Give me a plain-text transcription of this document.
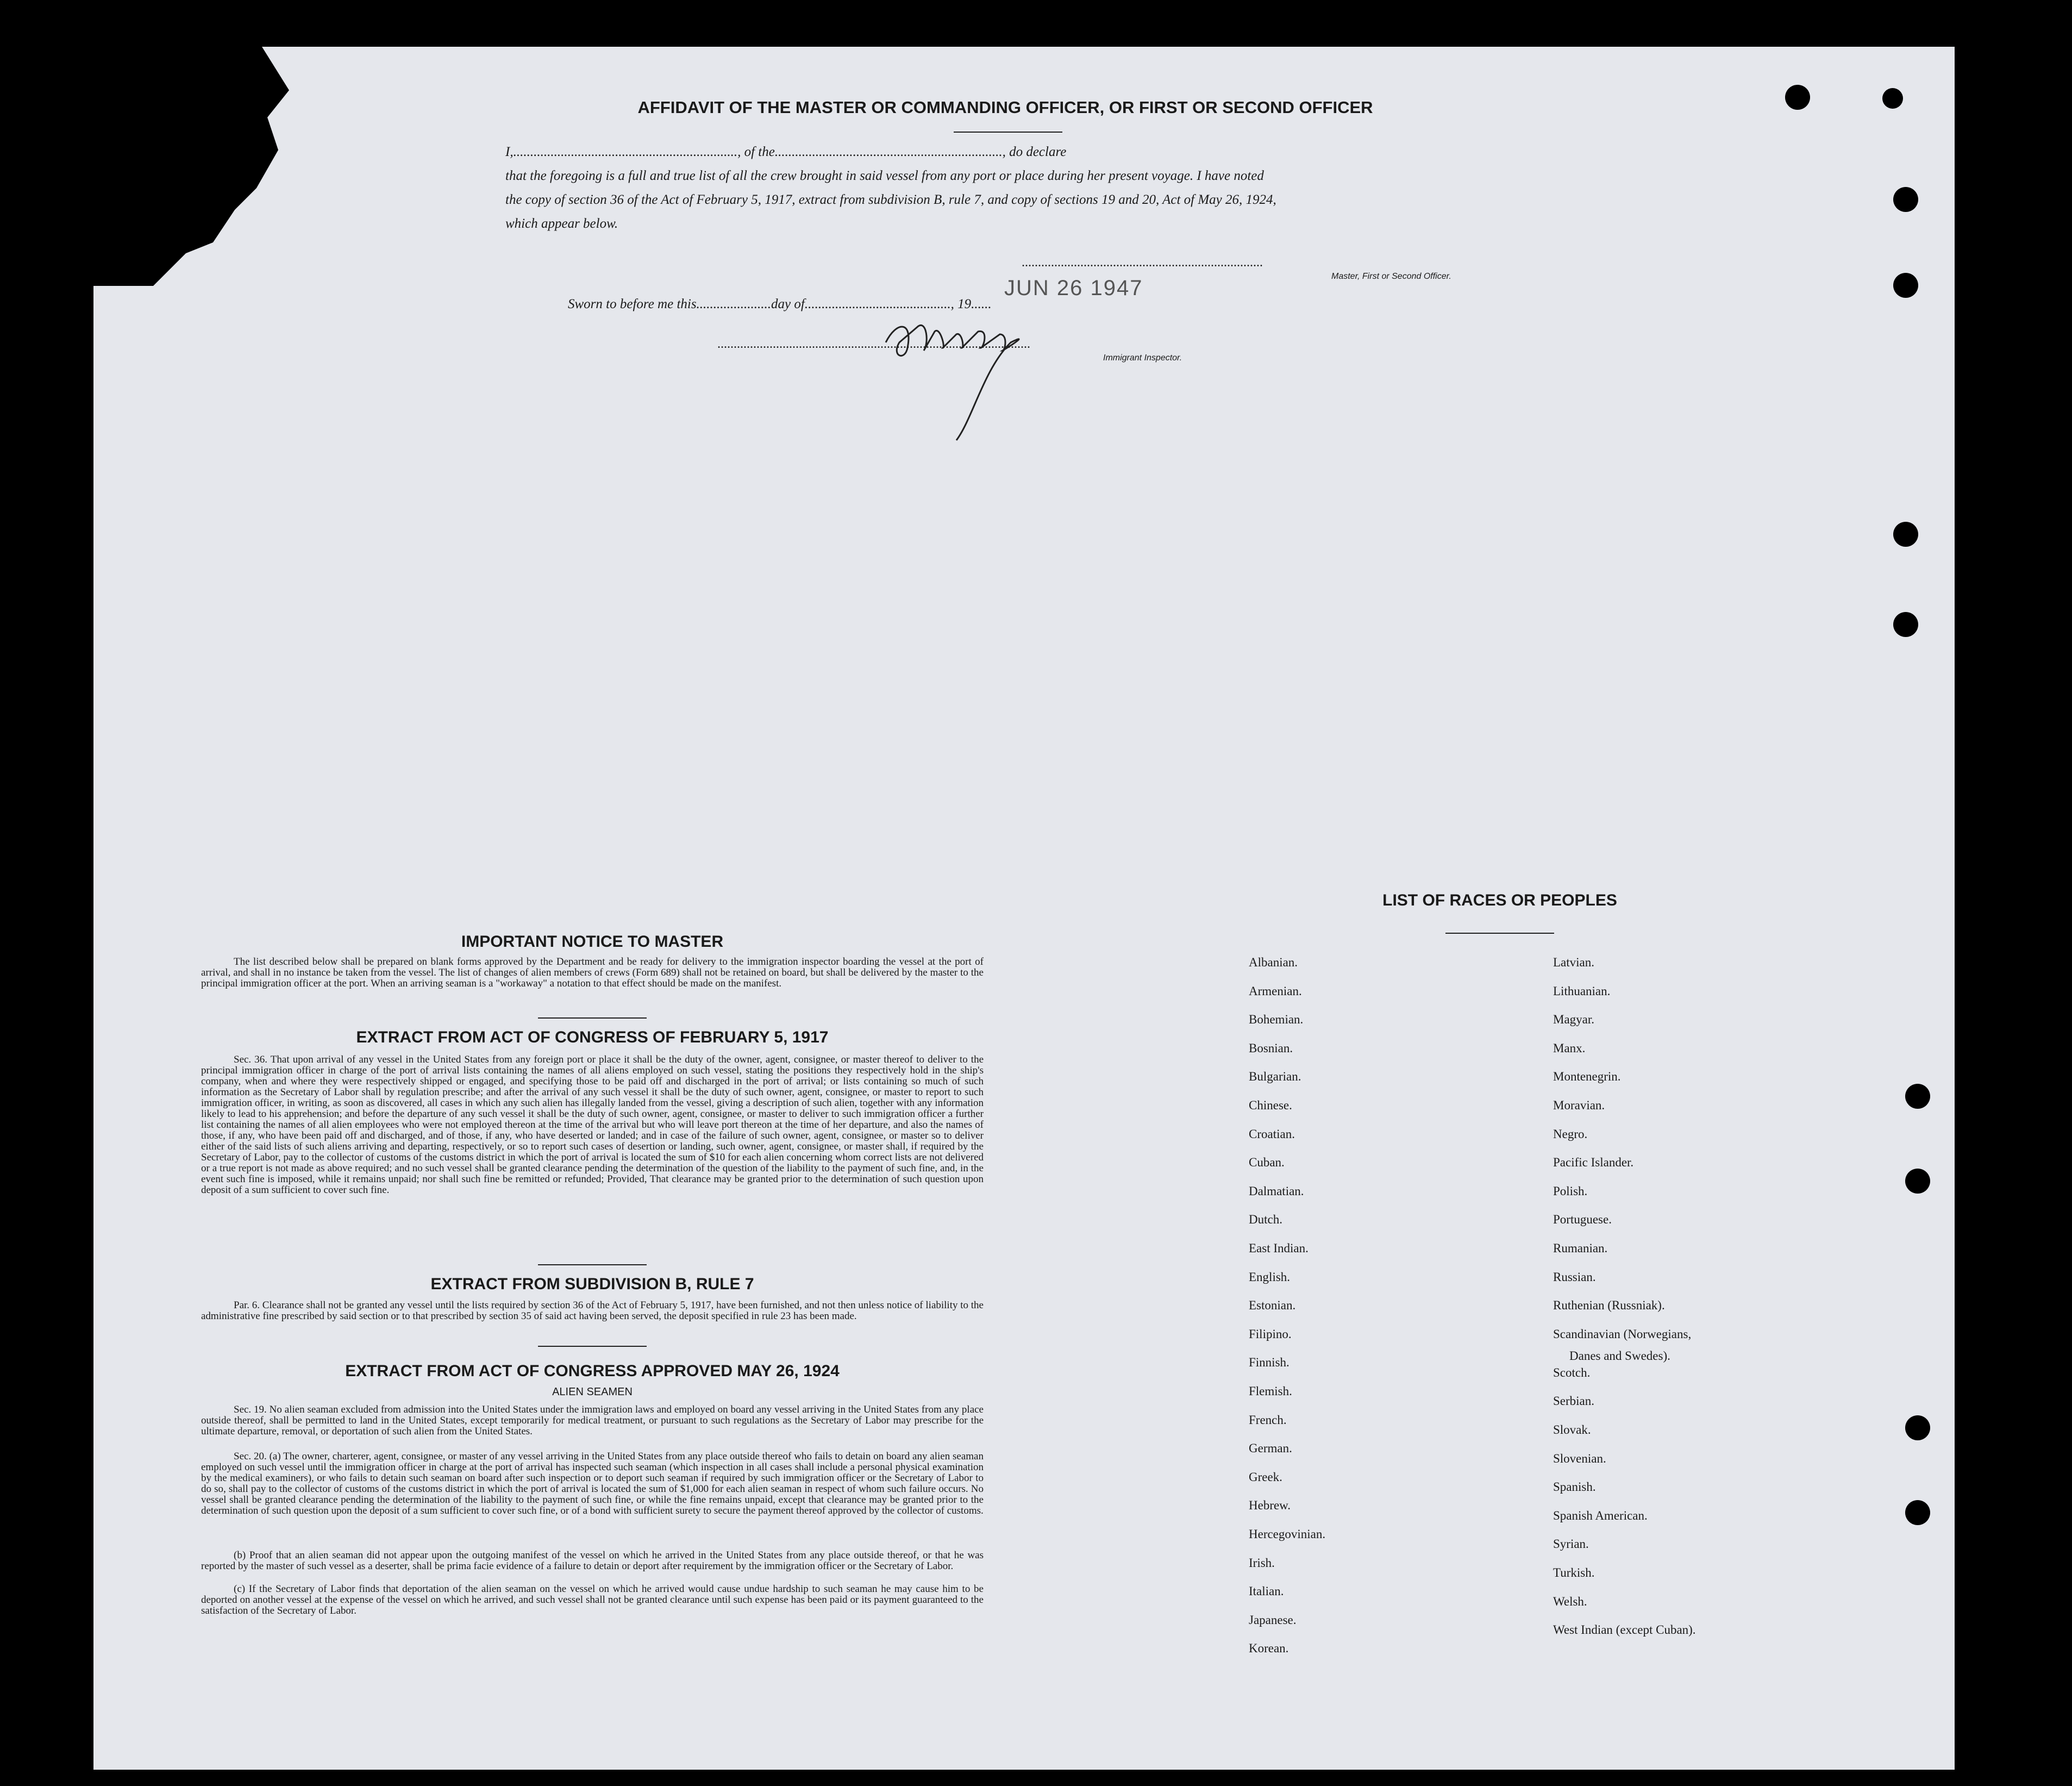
AFFIDAVIT OF THE MASTER OR COMMANDING OFFICER, OR FIRST OR SECOND OFFICER
I,.................................................................., of the..................................................................., do declare
that the foregoing is a full and true list of all the crew brought in said vessel from any port or place during her present voyage. I have noted
the copy of section 36 of the Act of February 5, 1917, extract from subdivision B, rule 7, and copy of sections 19 and 20, Act of May 26, 1924,
which appear below.
..........................................................................
Master, First or Second Officer.
Sworn to before me this......................day of..........................................., 19......
JUN 26 1947
................................................................................................
Immigrant Inspector.
IMPORTANT NOTICE TO MASTER
The list described below shall be prepared on blank forms approved by the Department and be ready for delivery to the immigration inspector boarding the vessel at the port of arrival, and shall in no instance be taken from the vessel. The list of changes of alien members of crews (Form 689) shall not be retained on board, but shall be delivered by the master to the principal immigration officer at the port. When an arriving seaman is a "workaway" a notation to that effect should be made on the manifest.
EXTRACT FROM ACT OF CONGRESS OF FEBRUARY 5, 1917
Sec. 36. That upon arrival of any vessel in the United States from any foreign port or place it shall be the duty of the owner, agent, consignee, or master thereof to deliver to the principal immigration officer in charge of the port of arrival lists containing the names of all aliens employed on such vessel, stating the positions they respectively hold in the ship's company, when and where they were respectively shipped or engaged, and specifying those to be paid off and discharged in the port of arrival; or lists containing so much of such information as the Secretary of Labor shall by regulation prescribe; and after the arrival of any such vessel it shall be the duty of such owner, agent, consignee, or master to report to such immigration officer, in writing, as soon as discovered, all cases in which any such alien has illegally landed from the vessel, giving a description of such alien, together with any information likely to lead to his apprehension; and before the departure of any such vessel it shall be the duty of such owner, agent, consignee, or master to deliver to such immigration officer a further list containing the names of all alien employees who were not employed thereon at the time of the arrival but who will leave port thereon at the time of her departure, and also the names of those, if any, who have been paid off and discharged, and of those, if any, who have deserted or landed; and in case of the failure of such owner, agent, consignee, or master so to deliver either of the said lists of such aliens arriving and departing, respectively, or so to report such cases of desertion or landing, such owner, agent, consignee, or master shall, if required by the Secretary of Labor, pay to the collector of customs of the customs district in which the port of arrival is located the sum of $10 for each alien concerning whom correct lists are not delivered or a true report is not made as above required; and no such vessel shall be granted clearance pending the determination of the question of the liability to the payment of such fine, and, in the event such fine is imposed, while it remains unpaid; nor shall such fine be remitted or refunded; Provided, That clearance may be granted prior to the determination of such question upon deposit of a sum sufficient to cover such fine.
EXTRACT FROM SUBDIVISION B, RULE 7
Par. 6. Clearance shall not be granted any vessel until the lists required by section 36 of the Act of February 5, 1917, have been furnished, and not then unless notice of liability to the administrative fine prescribed by said section or to that prescribed by section 35 of said act having been served, the deposit specified in rule 23 has been made.
EXTRACT FROM ACT OF CONGRESS APPROVED MAY 26, 1924
ALIEN SEAMEN
Sec. 19. No alien seaman excluded from admission into the United States under the immigration laws and employed on board any vessel arriving in the United States from any place outside thereof, shall be permitted to land in the United States, except temporarily for medical treatment, or pursuant to such regulations as the Secretary of Labor may prescribe for the ultimate departure, removal, or deportation of such alien from the United States.
Sec. 20. (a) The owner, charterer, agent, consignee, or master of any vessel arriving in the United States from any place outside thereof who fails to detain on board any alien seaman employed on such vessel until the immigration officer in charge at the port of arrival has inspected such seaman (which inspection in all cases shall include a personal physical examination by the medical examiners), or who fails to detain such seaman on board after such inspection or to deport such seaman if required by such immigration officer or the Secretary of Labor to do so, shall pay to the collector of customs of the customs district in which the port of arrival is located the sum of $1,000 for each alien seaman in respect of whom such failure occurs. No vessel shall be granted clearance pending the determination of the liability to the payment of such fine, or while the fine remains unpaid, except that clearance may be granted prior to the determination of such question upon the deposit of a sum sufficient to cover such fine, or of a bond with sufficient surety to secure the payment thereof approved by the collector of customs.
(b) Proof that an alien seaman did not appear upon the outgoing manifest of the vessel on which he arrived in the United States from any place outside thereof, or that he was reported by the master of such vessel as a deserter, shall be prima facie evidence of a failure to detain or deport after requirement by the immigration officer or the Secretary of Labor.
(c) If the Secretary of Labor finds that deportation of the alien seaman on the vessel on which he arrived would cause undue hardship to such seaman he may cause him to be deported on another vessel at the expense of the vessel on which he arrived, and such vessel shall not be granted clearance until such expense has been paid or its payment guaranteed to the satisfaction of the Secretary of Labor.
LIST OF RACES OR PEOPLES
Albanian.
Armenian.
Bohemian.
Bosnian.
Bulgarian.
Chinese.
Croatian.
Cuban.
Dalmatian.
Dutch.
East Indian.
English.
Estonian.
Filipino.
Finnish.
Flemish.
French.
German.
Greek.
Hebrew.
Hercegovinian.
Irish.
Italian.
Japanese.
Korean.
Latvian.
Lithuanian.
Magyar.
Manx.
Montenegrin.
Moravian.
Negro.
Pacific Islander.
Polish.
Portuguese.
Rumanian.
Russian.
Ruthenian (Russniak).
Scandinavian (Norwegians,
Scotch.
Serbian.
Slovak.
Slovenian.
Spanish.
Spanish American.
Syrian.
Turkish.
Welsh.
West Indian (except Cuban).
Danes and Swedes).
